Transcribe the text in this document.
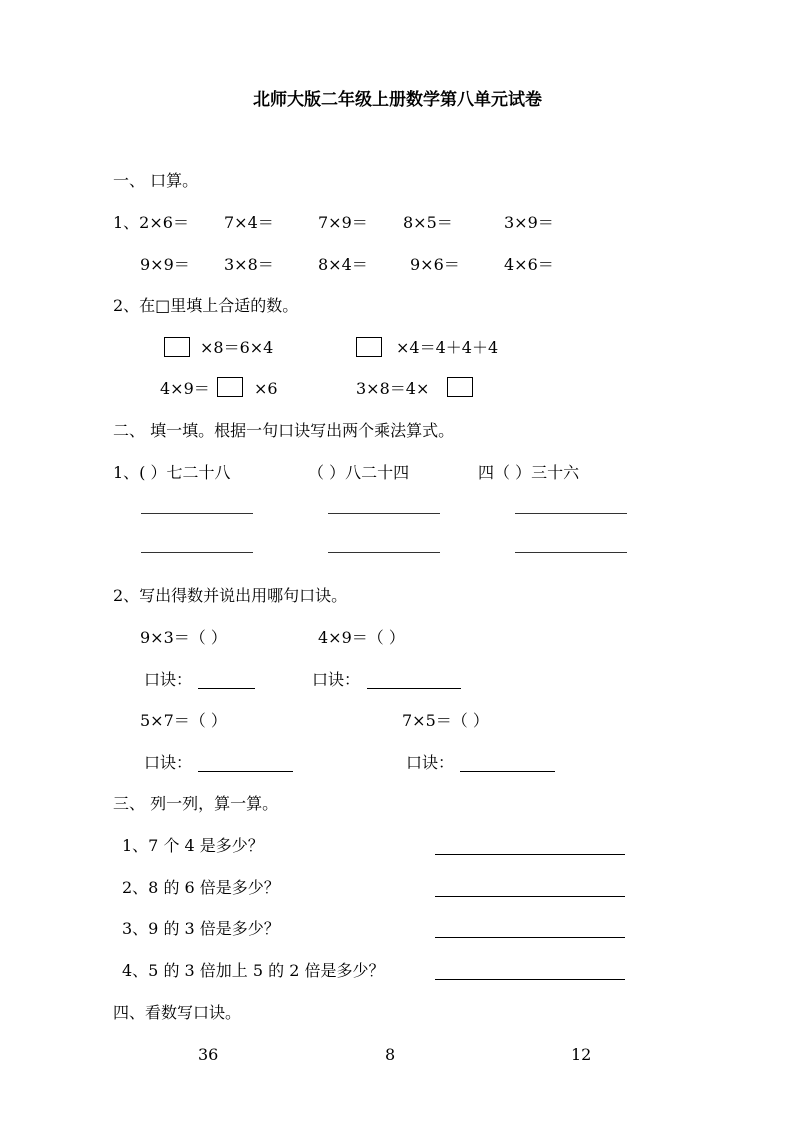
北师大版二年级上册数学第八单元试卷
一、 口算。
1、2×6＝ 7×4＝	7×9＝ 8×5＝	3×9＝
9×9＝ 3×8＝	8×4＝	9×6＝	4×6＝
2、在□里填上合适的数。
×8＝6×4	×4＝4＋4＋4
4×9＝	×6	3×8＝4×
二、 填一填。根据一句口诀写出两个乘法算式。
1、( ）七二十八	（ ）八二十四	四（ ）三十六
2、写出得数并说出用哪句口诀。
9×3＝（ ）	4×9＝（ ）
口诀：	口诀：
5×7＝（ ）	7×5＝（ ）
口诀：	口诀：
三、 列一列，算一算。
1、7 个 4 是多少？
2、8 的 6 倍是多少？
3、9 的 3 倍是多少？
4、5 的 3 倍加上 5 的 2 倍是多少？
四、看数写口诀。
36	8	12
